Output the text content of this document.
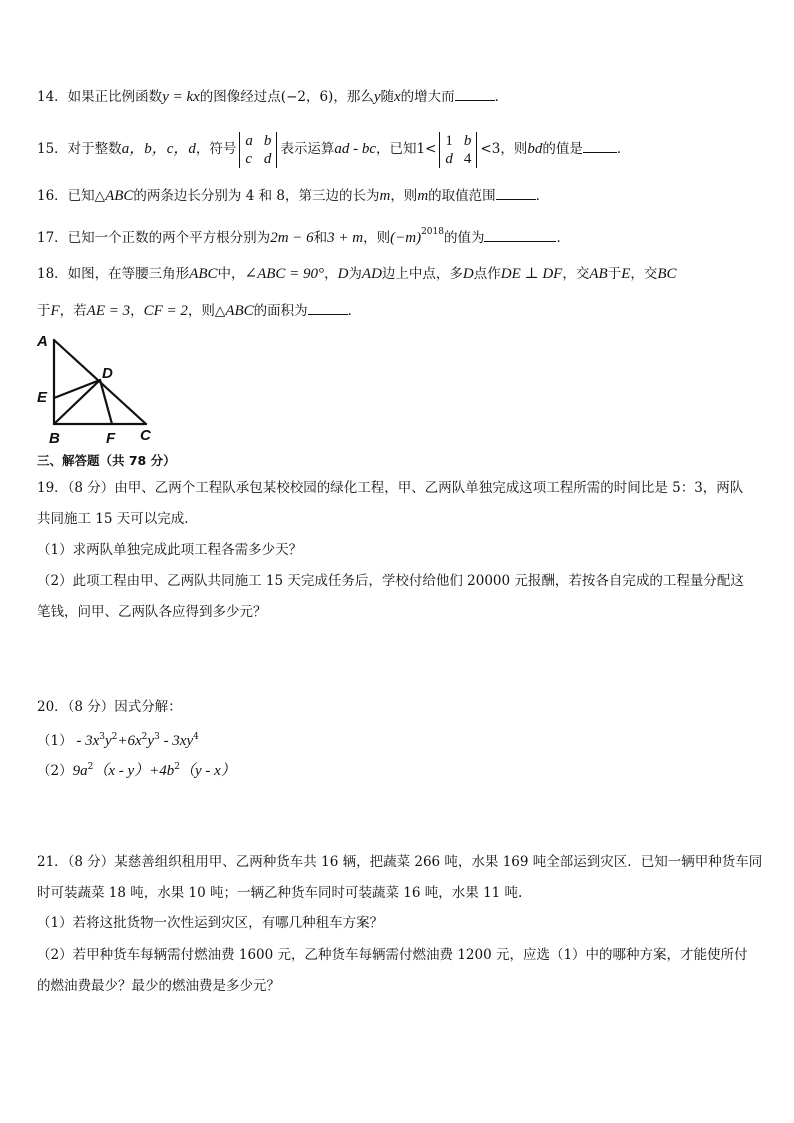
14．如果正比例函数y = kx的图像经过点(−2，6)，那么y随x的增大而	．
15．对于整数a，b，c，d，符号
a b
c d
表示运算ad - bc，已知1<
1 b
d 4
<3，则bd的值是	．
16．已知△ABC的两条边长分别为 4 和 8，第三边的长为m，则m的取值范围	．
17．已知一个正数的两个平方根分别为2m − 6和3 + m，则$(-m)^{2018}$的值为	．
18．如图，在等腰三角形ABC中，∠ABC = 90°，D为AD边上中点，多D点作DE ⊥ DF，交AB于E，交BC
于F，若AE = 3，CF = 2，则△ABC的面积为	．
A
E
B	F C
D
三、解答题（共 78 分）
19．（8 分）由甲、乙两个工程队承包某校校园的绿化工程，甲、乙两队单独完成这项工程所需的时间比是 5：3，两队
共同施工 15 天可以完成．
（1）求两队单独完成此项工程各需多少天？
（2）此项工程由甲、乙两队共同施工 15 天完成任务后，学校付给他们 20000 元报酬，若按各自完成的工程量分配这
笔钱，问甲、乙两队各应得到多少元？
20．（8 分）因式分解：
$(1) - 3x^3y^2+6x^2y^3 - 3xy^4$
$(2)9a^2(x - y)+4b^2(y - x)$
21．（8 分）某慈善组织租用甲、乙两种货车共 16 辆，把蔬菜 266 吨，水果 169 吨全部运到灾区．已知一辆甲种货车同
时可装蔬菜 18 吨，水果 10 吨；一辆乙种货车同时可装蔬菜 16 吨，水果 11 吨.
（1）若将这批货物一次性运到灾区，有哪几种租车方案？
（2）若甲种货车每辆需付燃油费 1600 元，乙种货车每辆需付燃油费 1200 元，应选（1）中的哪种方案，才能使所付
的燃油费最少？最少的燃油费是多少元？
